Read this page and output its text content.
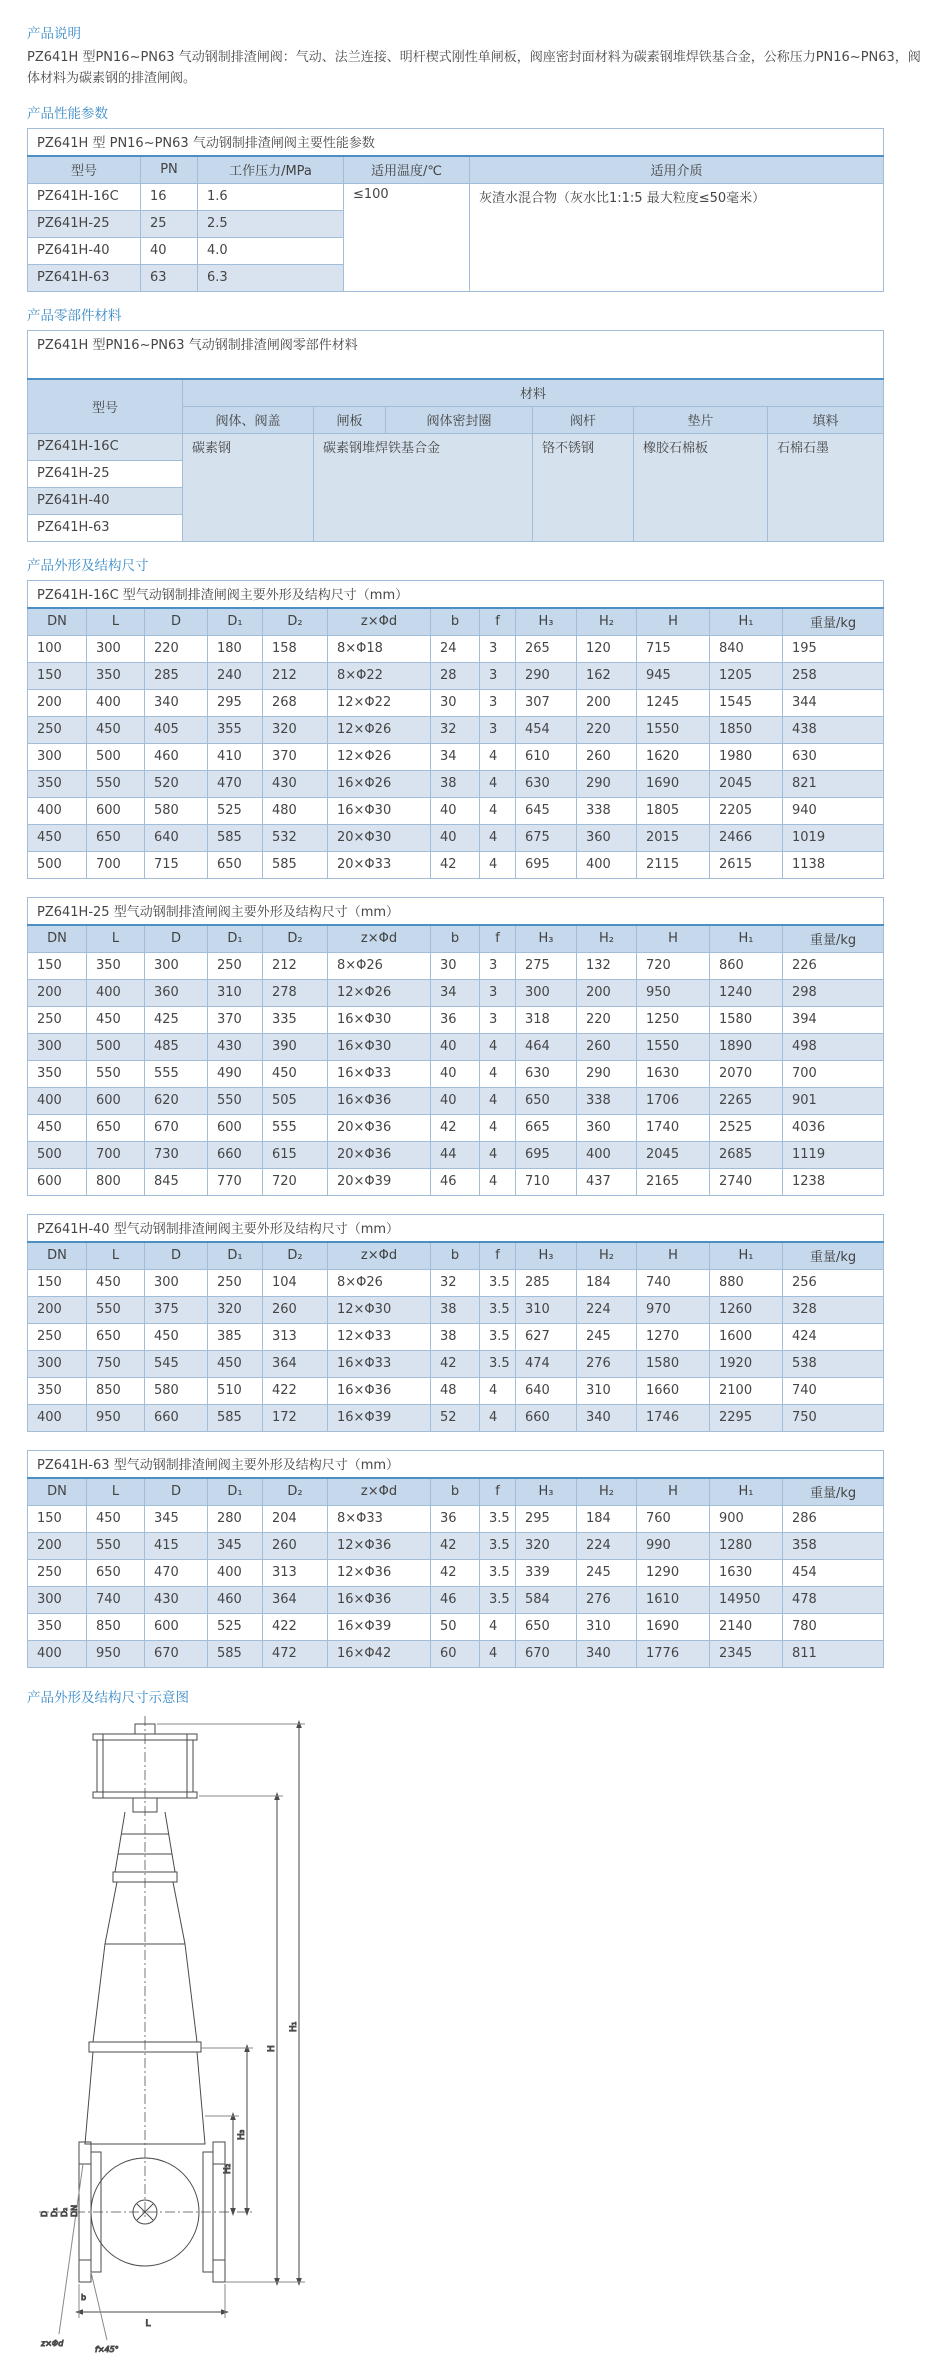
产品说明

PZ641H 型PN16~PN63 气动钢制排渣闸阀：气动、法兰连接、明杆楔式刚性单闸板，阀座密封面材料为碳素钢堆焊铁基合金，公称压力PN16~PN63，阀体材料为碳素钢的排渣闸阀。

产品性能参数
PZ641H 型 PN16~PN63 气动钢制排渣闸阀主要性能参数				
型号	PN	工作压力/MPa	适用温度/℃	适用介质
PZ641H-16C	16	1.6	≤100	灰渣水混合物（灰水比1:1:5 最大粒度≤50毫米）
PZ641H-25	25	2.5		
PZ641H-40	40	4.0		
PZ641H-63	63	6.3		
产品零部件材料
PZ641H 型PN16~PN63 气动钢制排渣闸阀零部件材料						
型号	材料					
	阀体、阀盖	闸板	阀体密封圈	阀杆	垫片	填料
PZ641H-16C	碳素钢	碳素钢堆焊铁基合金		铬不锈钢	橡胶石棉板	石棉石墨
PZ641H-25						
PZ641H-40						
PZ641H-63						
产品外形及结构尺寸
PZ641H-16C 型气动钢制排渣闸阀主要外形及结构尺寸（mm）												
DN	L	D	D₁	D₂	z×Φd	b	f	H₃	H₂	H	H₁	重量/kg
100	300	220	180	158	8×Φ18	24	3	265	120	715	840	195
150	350	285	240	212	8×Φ22	28	3	290	162	945	1205	258
200	400	340	295	268	12×Φ22	30	3	307	200	1245	1545	344
250	450	405	355	320	12×Φ26	32	3	454	220	1550	1850	438
300	500	460	410	370	12×Φ26	34	4	610	260	1620	1980	630
350	550	520	470	430	16×Φ26	38	4	630	290	1690	2045	821
400	600	580	525	480	16×Φ30	40	4	645	338	1805	2205	940
450	650	640	585	532	20×Φ30	40	4	675	360	2015	2466	1019
500	700	715	650	585	20×Φ33	42	4	695	400	2115	2615	1138
PZ641H-25 型气动钢制排渣闸阀主要外形及结构尺寸（mm）												
DN	L	D	D₁	D₂	z×Φd	b	f	H₃	H₂	H	H₁	重量/kg
150	350	300	250	212	8×Φ26	30	3	275	132	720	860	226
200	400	360	310	278	12×Φ26	34	3	300	200	950	1240	298
250	450	425	370	335	16×Φ30	36	3	318	220	1250	1580	394
300	500	485	430	390	16×Φ30	40	4	464	260	1550	1890	498
350	550	555	490	450	16×Φ33	40	4	630	290	1630	2070	700
400	600	620	550	505	16×Φ36	40	4	650	338	1706	2265	901
450	650	670	600	555	20×Φ36	42	4	665	360	1740	2525	4036
500	700	730	660	615	20×Φ36	44	4	695	400	2045	2685	1119
600	800	845	770	720	20×Φ39	46	4	710	437	2165	2740	1238
PZ641H-40 型气动钢制排渣闸阀主要外形及结构尺寸（mm）												
DN	L	D	D₁	D₂	z×Φd	b	f	H₃	H₂	H	H₁	重量/kg
150	450	300	250	104	8×Φ26	32	3.5	285	184	740	880	256
200	550	375	320	260	12×Φ30	38	3.5	310	224	970	1260	328
250	650	450	385	313	12×Φ33	38	3.5	627	245	1270	1600	424
300	750	545	450	364	16×Φ33	42	3.5	474	276	1580	1920	538
350	850	580	510	422	16×Φ36	48	4	640	310	1660	2100	740
400	950	660	585	172	16×Φ39	52	4	660	340	1746	2295	750
PZ641H-63 型气动钢制排渣闸阀主要外形及结构尺寸（mm）												
DN	L	D	D₁	D₂	z×Φd	b	f	H₃	H₂	H	H₁	重量/kg
150	450	345	280	204	8×Φ33	36	3.5	295	184	760	900	286
200	550	415	345	260	12×Φ36	42	3.5	320	224	990	1280	358
250	650	470	400	313	12×Φ36	42	3.5	339	245	1290	1630	454
300	740	430	460	364	16×Φ36	46	3.5	584	276	1610	14950	478
350	850	600	525	422	16×Φ39	50	4	650	310	1690	2140	780
400	950	670	585	472	16×Φ42	60	4	670	340	1776	2345	811
产品外形及结构尺寸示意图
H₂
H₃
H
H₁
L
b
z×Φd
f×45°
D D₁ D₂ DN
